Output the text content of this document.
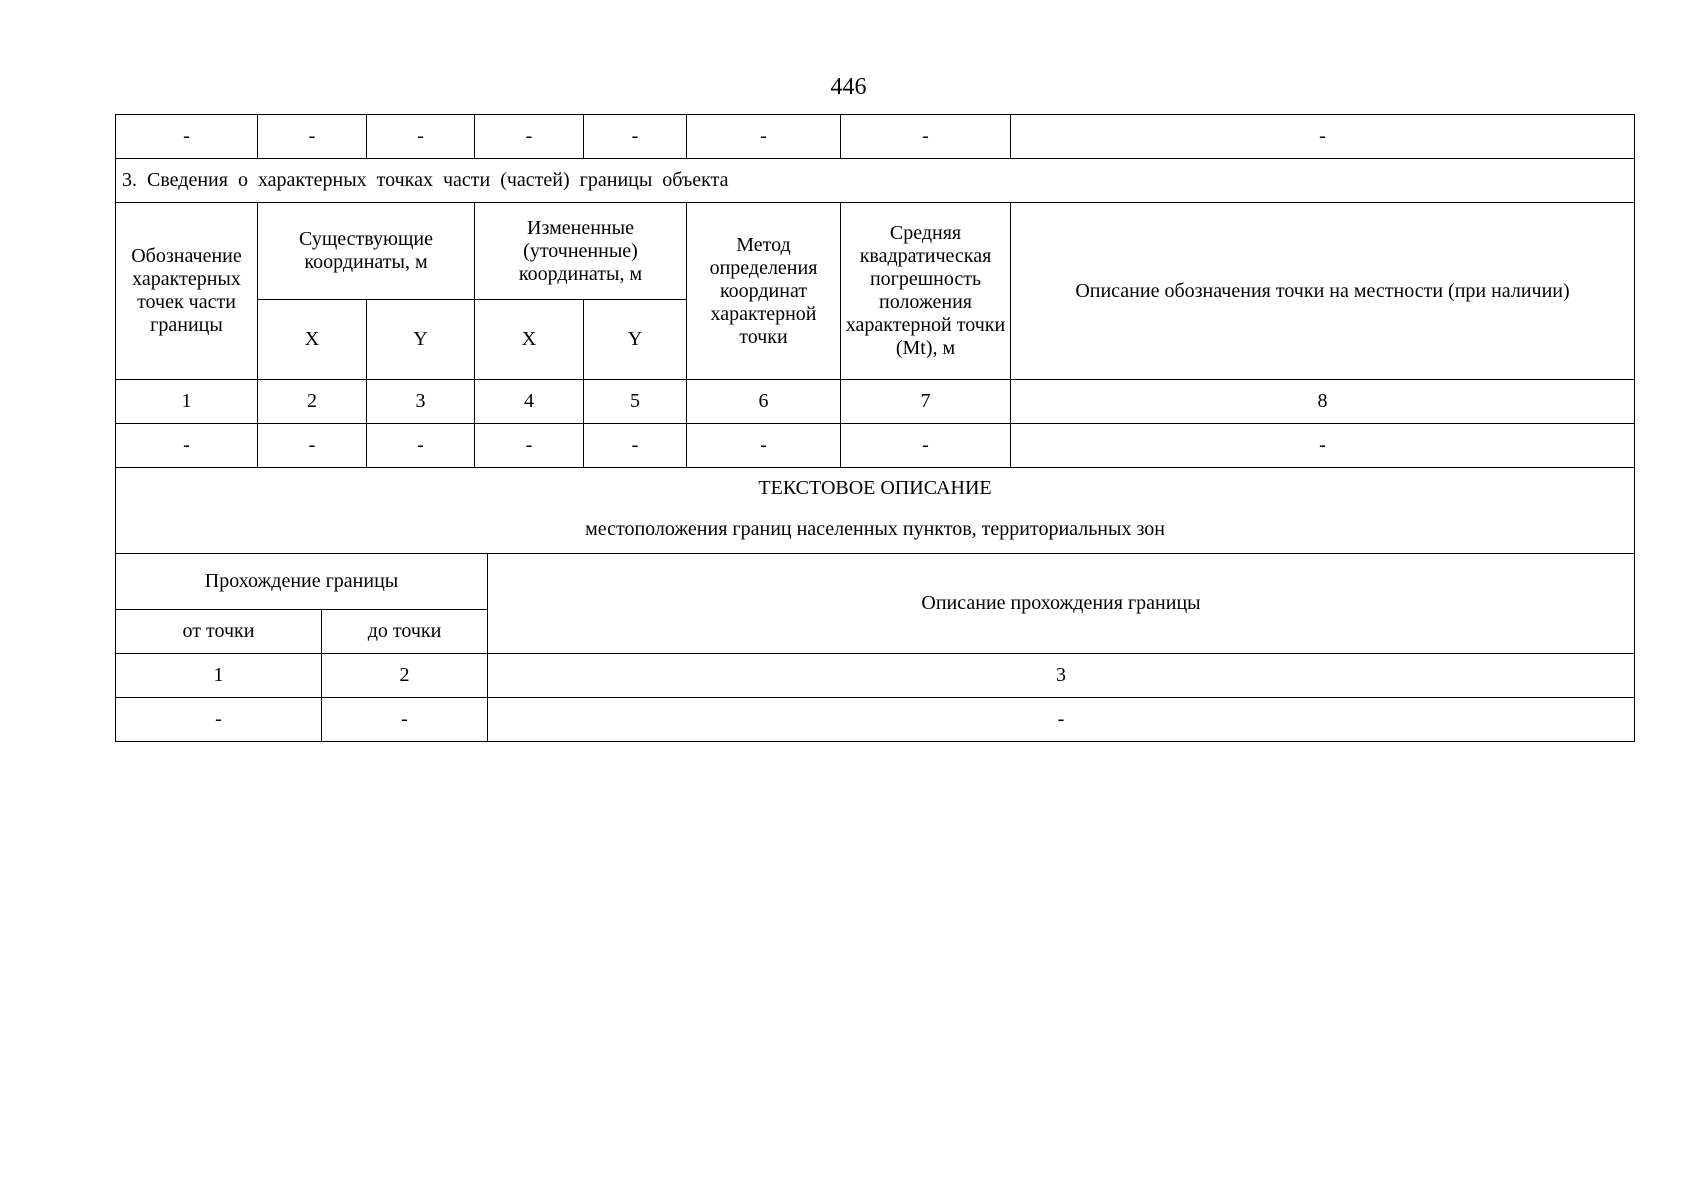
446
-	-	-	-	-	-	-	-
3. Сведения о характерных точках части (частей) границы объекта							
Обозначение характерных точек части границы	Существующие координаты, м		Измененные (уточненные) координаты, м		Метод определения координат характерной точки	Средняя квадратическая погрешность положения характерной точки (Mt), м	Описание обозначения точки на местности (при наличии)
	X	Y	X	Y			
1	2	3	4	5	6	7	8
-	-	-	-	-	-	-	-
ТЕКСТОВОЕ ОПИСАНИЕ
местоположения границ населенных пунктов, территориальных зон		

Прохождение границы		Описание прохождения границы
от точки	до точки	
1	2	3
-	-	-
